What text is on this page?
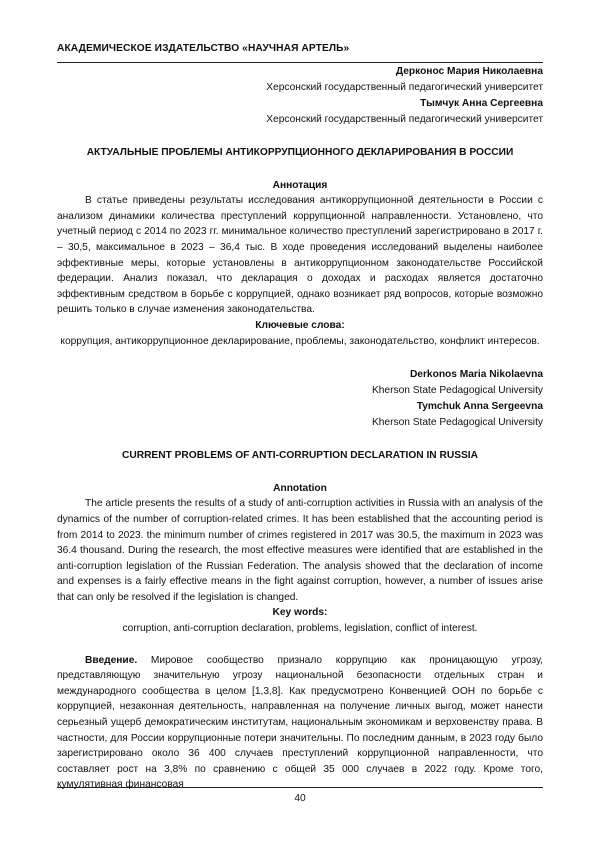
АКАДЕМИЧЕСКОЕ ИЗДАТЕЛЬСТВО «НАУЧНАЯ АРТЕЛЬ»
Дерконос Мария Николаевна
Херсонский государственный педагогический университет
Тымчук Анна Сергеевна
Херсонский государственный педагогический университет
АКТУАЛЬНЫЕ ПРОБЛЕМЫ АНТИКОРРУПЦИОННОГО ДЕКЛАРИРОВАНИЯ В РОССИИ
Аннотация

В статье приведены результаты исследования антикоррупционной деятельности в России с анализом динамики количества преступлений коррупционной направленности. Установлено, что учетный период с 2014 по 2023 гг. минимальное количество преступлений зарегистрировано в 2017 г. – 30,5, максимальное в 2023 – 36,4 тыс. В ходе проведения исследований выделены наиболее эффективные меры, которые установлены в антикоррупционном законодательстве Российской федерации. Анализ показал, что декларация о доходах и расходах является достаточно эффективным средством в борьбе с коррупцией, однако возникает ряд вопросов, которые возможно решить только в случае изменения законодательства.

Ключевые слова:
коррупция, антикоррупционное декларирование, проблемы, законодательство, конфликт интересов.
Derkonos Maria Nikolaevna
Kherson State Pedagogical University
Tymchuk Anna Sergeevna
Kherson State Pedagogical University
CURRENT PROBLEMS OF ANTI-CORRUPTION DECLARATION IN RUSSIA
Annotation

The article presents the results of a study of anti-corruption activities in Russia with an analysis of the dynamics of the number of corruption-related crimes. It has been established that the accounting period is from 2014 to 2023. the minimum number of crimes registered in 2017 was 30.5, the maximum in 2023 was 36.4 thousand. During the research, the most effective measures were identified that are established in the anti-corruption legislation of the Russian Federation. The analysis showed that the declaration of income and expenses is a fairly effective means in the fight against corruption, however, a number of issues arise that can only be resolved if the legislation is changed.

Key words:
corruption, anti-corruption declaration, problems, legislation, conflict of interest.

Введение. Мировое сообщество признало коррупцию как проницающую угрозу, представляющую значительную угрозу национальной безопасности отдельных стран и международного сообщества в целом [1,3,8]. Как предусмотрено Конвенцией ООН по борьбе с коррупцией, незаконная деятельность, направленная на получение личных выгод, может нанести серьезный ущерб демократическим институтам, национальным экономикам и верховенству права. В частности, для России коррупционные потери значительны. По последним данным, в 2023 году было зарегистрировано около 36 400 случаев преступлений коррупционной направленности, что составляет рост на 3,8% по сравнению с общей 35 000 случаев в 2022 году. Кроме того, кумулятивная финансовая

40
